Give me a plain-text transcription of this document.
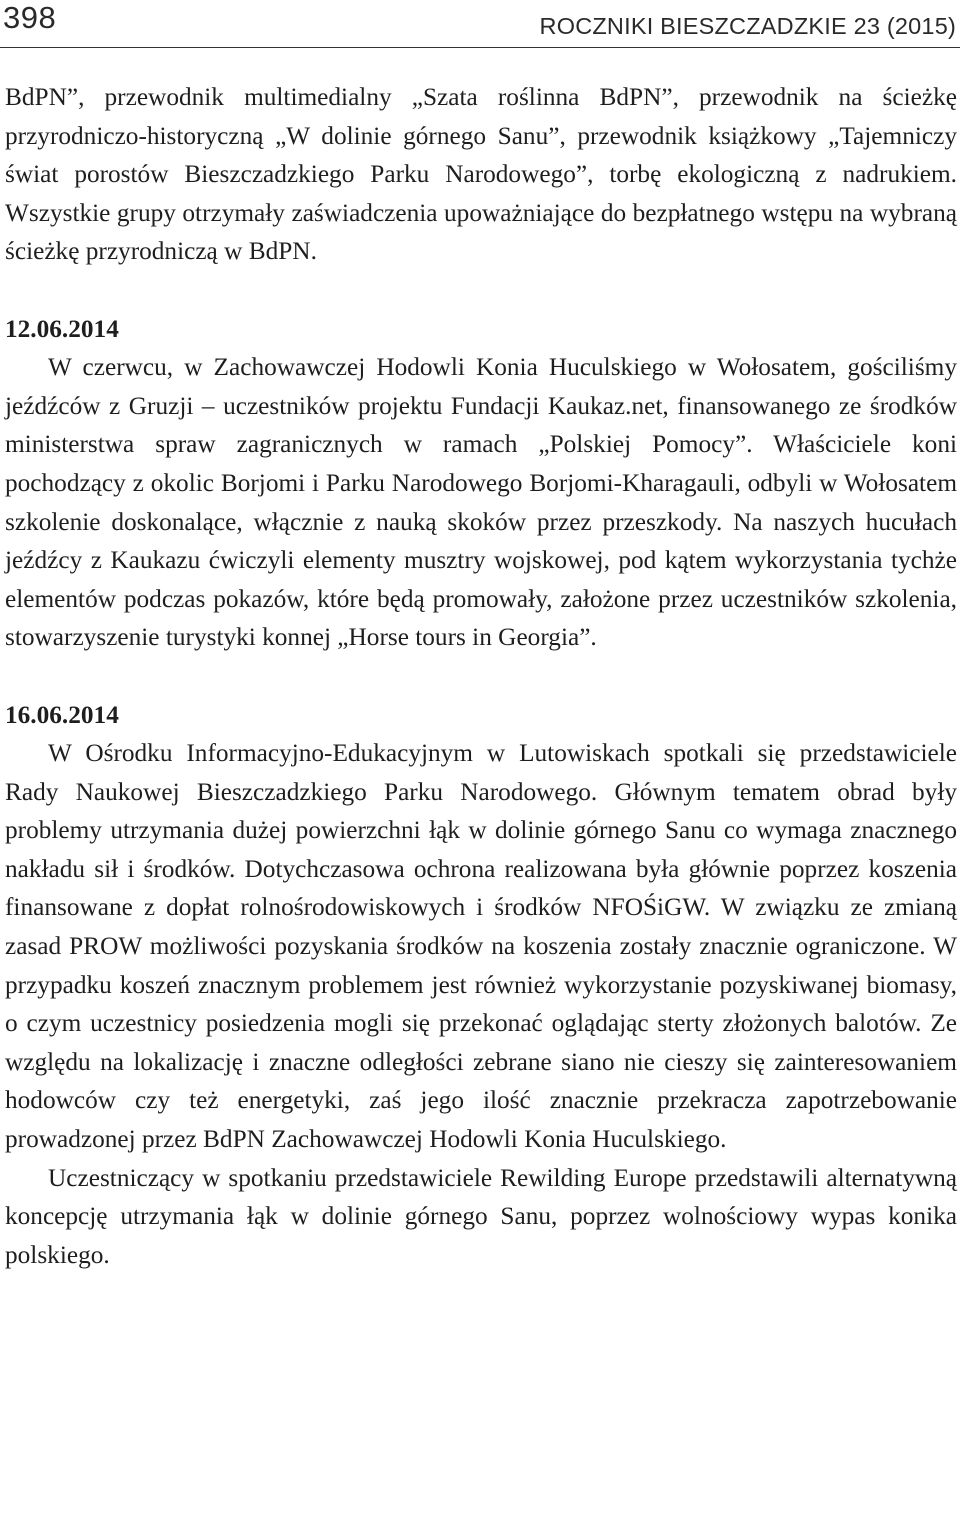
398	ROCZNIKI BIESZCZADZKIE 23 (2015)

BdPN”, przewodnik multimedialny „Szata roślinna BdPN”, przewodnik na ścieżkę przyrodniczo-historyczną „W dolinie górnego Sanu”, przewodnik książkowy „Tajemniczy świat porostów Bieszczadzkiego Parku Narodowego”, torbę ekologiczną z nadrukiem. Wszystkie grupy otrzymały zaświadczenia upoważniające do bezpłatnego wstępu na wybraną ścieżkę przyrodniczą w BdPN.

12.06.2014

W czerwcu, w Zachowawczej Hodowli Konia Huculskiego w Wołosatem, gościliśmy jeźdźców z Gruzji – uczestników projektu Fundacji Kaukaz.net, finansowanego ze środków ministerstwa spraw zagranicznych w ramach „Polskiej Pomocy”. Właściciele koni pochodzący z okolic Borjomi i Parku Narodowego Borjomi-Kharagauli, odbyli w Wołosatem szkolenie doskonalące, włącznie z nauką skoków przez przeszkody. Na naszych hucułach jeźdźcy z Kaukazu ćwiczyli elementy musztry wojskowej, pod kątem wykorzystania tychże elementów podczas pokazów, które będą promowały, założone przez uczestników szkolenia, stowarzyszenie turystyki konnej „Horse tours in Georgia”.

16.06.2014

W Ośrodku Informacyjno-Edukacyjnym w Lutowiskach spotkali się przedstawiciele Rady Naukowej Bieszczadzkiego Parku Narodowego. Głównym tematem obrad były problemy utrzymania dużej powierzchni łąk w dolinie górnego Sanu co wymaga znacznego nakładu sił i środków. Dotychczasowa ochrona realizowana była głównie poprzez koszenia finansowane z dopłat rolnośrodowiskowych i środków NFOŚiGW. W związku ze zmianą zasad PROW możliwości pozyskania środków na koszenia zostały znacznie ograniczone. W przypadku koszeń znacznym problemem jest również wykorzystanie pozyskiwanej biomasy, o czym uczestnicy posiedzenia mogli się przekonać oglądając sterty złożonych balotów. Ze względu na lokalizację i znaczne odległości zebrane siano nie cieszy się zainteresowaniem hodowców czy też energetyki, zaś jego ilość znacznie przekracza zapotrzebowanie prowadzonej przez BdPN Zachowawczej Hodowli Konia Huculskiego.

Uczestniczący w spotkaniu przedstawiciele Rewilding Europe przedstawili alternatywną koncepcję utrzymania łąk w dolinie górnego Sanu, poprzez wolnościowy wypas konika polskiego.
